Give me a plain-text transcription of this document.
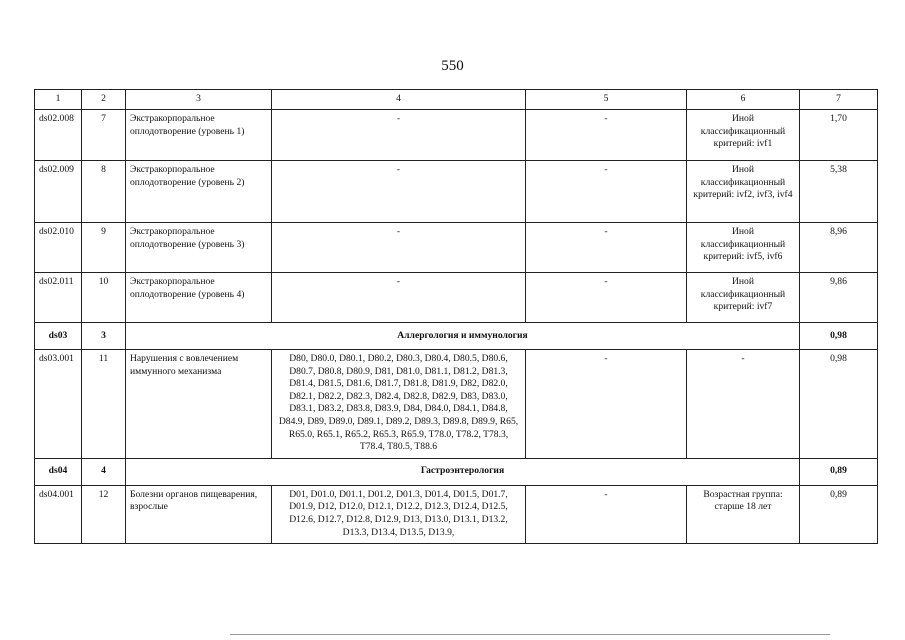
550
1	2	3	4	5	6	7
ds02.008	7	Экстракорпоральное оплодотворение (уровень 1)	-	-	Иной классификационный критерий: ivf1	1,70
ds02.009	8	Экстракорпоральное оплодотворение (уровень 2)	-	-	Иной классификационный критерий: ivf2, ivf3, ivf4	5,38
ds02.010	9	Экстракорпоральное оплодотворение (уровень 3)	-	-	Иной классификационный критерий: ivf5, ivf6	8,96
ds02.011	10	Экстракорпоральное оплодотворение (уровень 4)	-	-	Иной классификационный критерий: ivf7	9,86
ds03	3	Аллергология и иммунология				0,98
ds03.001	11	Нарушения с вовлечением иммунного механизма	D80, D80.0, D80.1, D80.2, D80.3, D80.4, D80.5, D80.6, D80.7, D80.8, D80.9, D81, D81.0, D81.1, D81.2, D81.3, D81.4, D81.5, D81.6, D81.7, D81.8, D81.9, D82, D82.0, D82.1, D82.2, D82.3, D82.4, D82.8, D82.9, D83, D83.0, D83.1, D83.2, D83.8, D83.9, D84, D84.0, D84.1, D84.8, D84.9, D89, D89.0, D89.1, D89.2, D89.3, D89.8, D89.9, R65, R65.0, R65.1, R65.2, R65.3, R65.9, T78.0, T78.2, T78.3, T78.4, T80.5, T88.6	-	-	0,98
ds04	4	Гастроэнтерология				0,89
ds04.001	12	Болезни органов пищеварения, взрослые	D01, D01.0, D01.1, D01.2, D01.3, D01.4, D01.5, D01.7, D01.9, D12, D12.0, D12.1, D12.2, D12.3, D12.4, D12.5, D12.6, D12.7, D12.8, D12.9, D13, D13.0, D13.1, D13.2, D13.3, D13.4, D13.5, D13.9,	-	Возрастная группа: старше 18 лет	0,89
